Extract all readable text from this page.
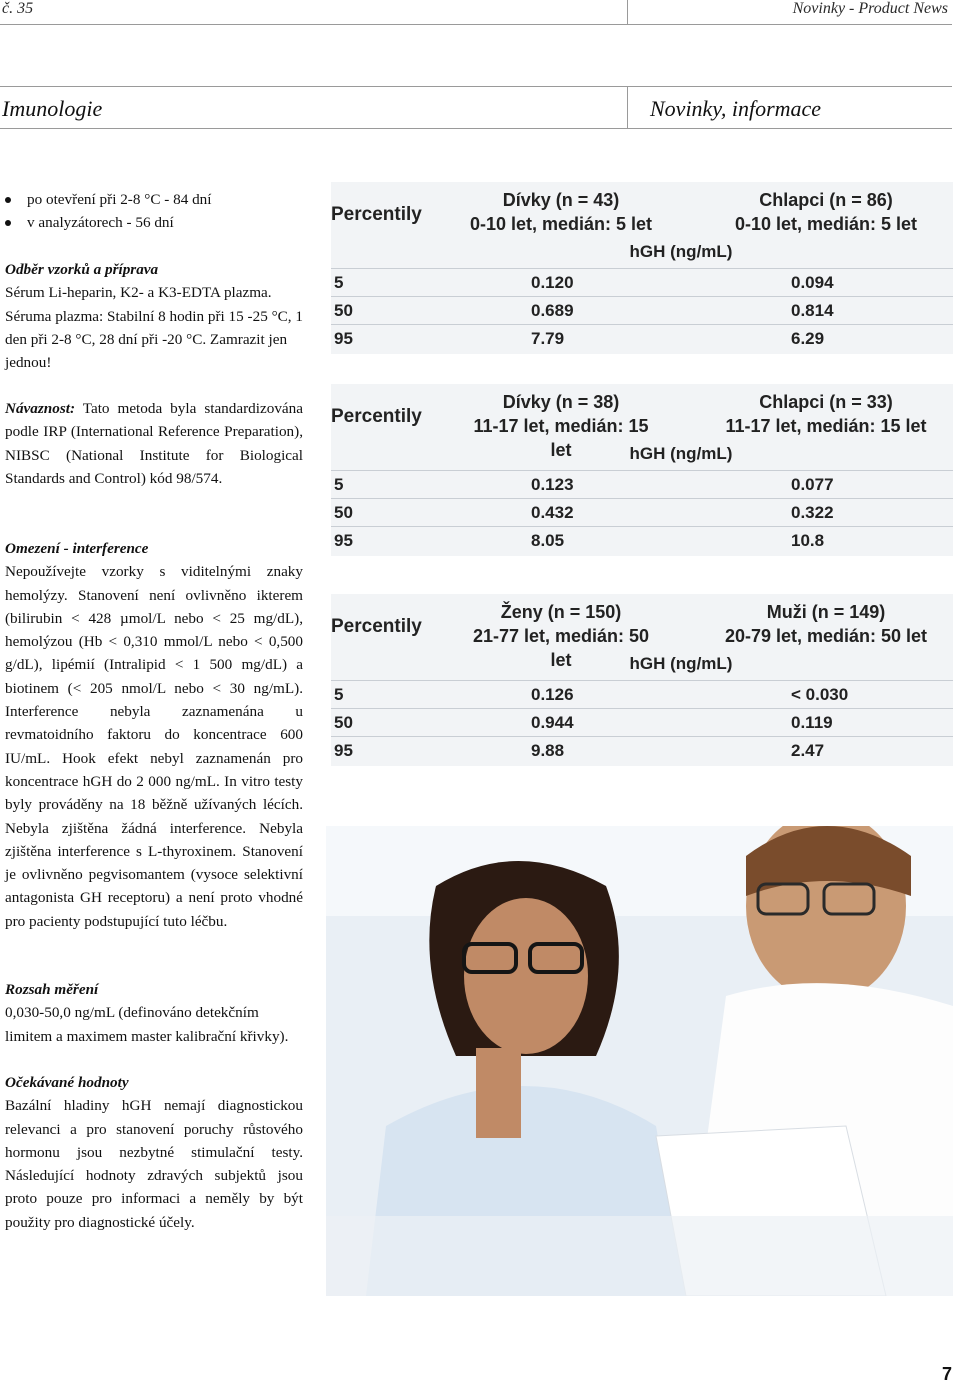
č. 35	Novinky - Product News
Imunologie	Novinky, informace
po otevření při 2-8 °C - 84 dní
v analyzátorech - 56 dní

Odběr vzorků a příprava

Sérum Li-heparin, K2- a K3-EDTA plazma. Séruma plazma: Stabilní 8 hodin při 15 -25 °C, 1 den při 2-8 °C, 28 dní při -20 °C. Zamrazit jen jednou!

Návaznost: Tato metoda byla standardizována podle IRP (International Reference Preparation), NIBSC (National Institute for Biological Standards and Control) kód 98/574.

Omezení - interference

Nepoužívejte vzorky s viditelnými znaky hemolýzy. Stanovení není ovlivněno ikterem (bilirubin < 428 µmol/L nebo < 25 mg/dL), hemolýzou (Hb < 0,310 mmol/L nebo < 0,500 g/dL), lipémií (Intralipid < 1 500 mg/dL) a biotinem (< 205 nmol/L nebo < 30 ng/mL). Interference nebyla zaznamenána u revmatoidního faktoru do koncentrace 600 IU/mL. Hook efekt nebyl zaznamenán pro koncentrace hGH do 2 000 ng/mL. In vitro testy byly prováděny na 18 běžně užívaných lécích. Nebyla zjištěna žádná interference. Nebyla zjištěna interference s L-thyroxinem. Stanovení je ovlivněno pegvisomantem (vysoce selektivní antagonista GH receptoru) a není proto vhodné pro pacienty podstupující tuto léčbu.

Rozsah měření

0,030-50,0 ng/mL (definováno detekčním limitem a maximem master kalibrační křivky).

Očekávané hodnoty

Bazální hladiny hGH nemají diagnostickou relevanci a pro stanovení poruchy růstového hormonu jsou nezbytné stimulační testy. Následující hodnoty zdravých subjektů jsou proto pouze pro informaci a neměly by být použity pro diagnostické účely.

Percentily
Dívky (n = 43)
0-10 let, medián: 5 let
Chlapci (n = 86)
0-10 let, medián: 5 let
hGH (ng/mL)
5	0.120	0.094
50	0.689	0.814
95	7.79	6.29
Percentily
Dívky (n = 38)
11-17 let, medián: 15 let
Chlapci (n = 33)
11-17 let, medián: 15 let
hGH (ng/mL)
5	0.123	0.077
50	0.432	0.322
95	8.05	10.8
Percentily
Ženy (n = 150)
21-77 let, medián: 50 let
Muži (n = 149)
20-79 let, medián: 50 let
hGH (ng/mL)
5	0.126	< 0.030
50	0.944	0.119
95	9.88	2.47
7
